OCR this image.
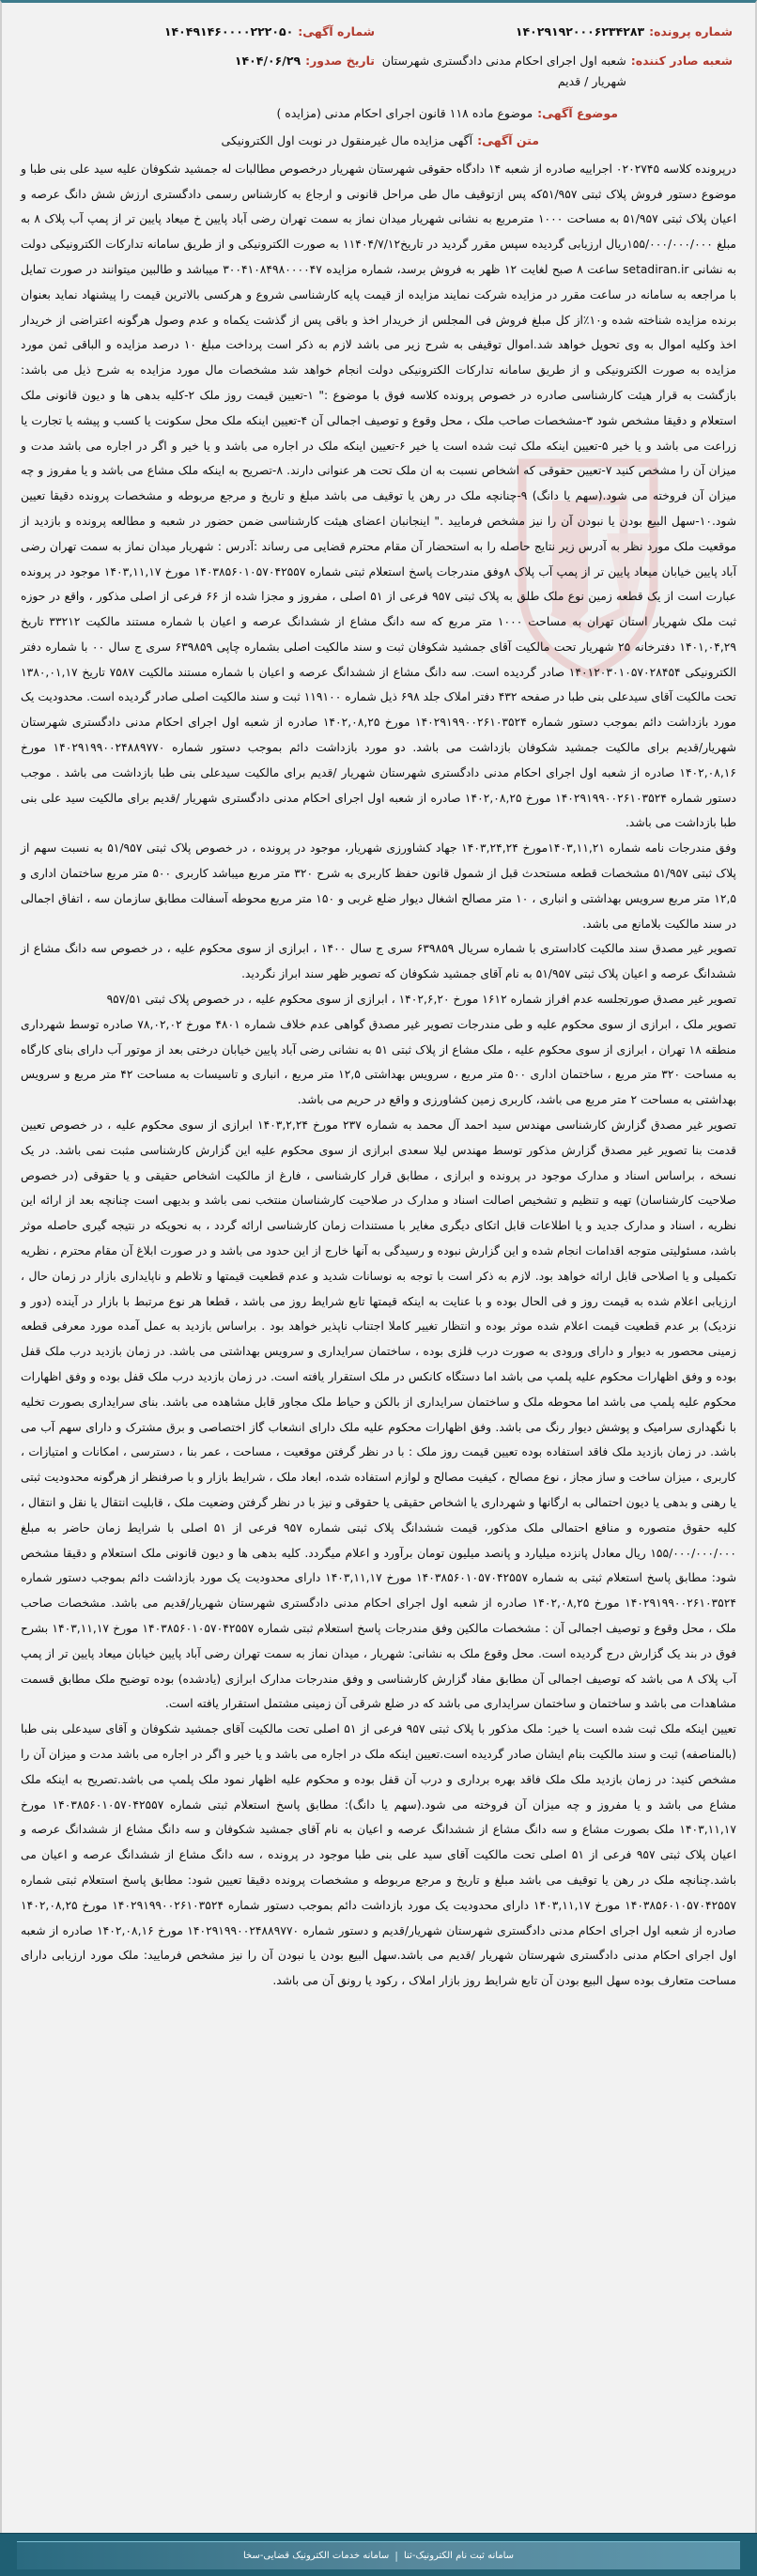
شماره پرونده:
۱۴۰۲۹۱۹۲۰۰۰۶۲۳۴۲۸۳
شماره آگهی:
۱۴۰۴۹۱۴۶۰۰۰۰۲۲۲۰۵۰
شعبه صادر کننده:
شعبه اول اجرای احکام مدنی دادگستری شهرستان شهریار / قدیم
تاریخ صدور:
۱۴۰۴/۰۶/۲۹
موضوع آگهی:
موضوع ماده ۱۱۸ قانون اجرای احکام مدنی (مزایده )
متن آگهی:
آگهی مزایده مال غیرمنقول در نوبت اول الکترونیکی

درپرونده کلاسه ۰۲۰۲۷۴۵ اجراییه صادره از شعبه ۱۴ دادگاه حقوقی شهرستان شهریار درخصوص مطالبات له جمشید شکوفان علیه سید علی بنی طبا و موضوع دستور فروش پلاک ثبتی ۵۱/۹۵۷که پس ازتوقیف مال طی مراحل قانونی و ارجاع به کارشناس رسمی دادگستری ارزش شش دانگ عرصه و اعیان پلاک ثبتی ۵۱/۹۵۷ به مساحت ۱۰۰۰ مترمربع به نشانی شهریار میدان نماز به سمت تهران رضی آباد پایین خ میعاد پایین تر از پمپ آب پلاک ۸ به مبلغ ۱۵۵/۰۰۰/۰۰۰/۰۰۰ریال ارزیابی گردیده سپس مقرر گردید در تاریخ۱۱۴۰۴/۷/۱۲ به صورت الکترونیکی و از طریق سامانه تدارکات الکترونیکی دولت به نشانی setadiran.ir ساعت ۸ صبح لغایت ۱۲ ظهر به فروش برسد، شماره مزایده ۳۰۰۴۱۰۸۴۹۸۰۰۰۰۴۷ میباشد و طالبین میتوانند در صورت تمایل با مراجعه به سامانه در ساعت مقرر در مزایده شرکت نمایند مزایده از قیمت پایه کارشناسی شروع و هرکسی بالاترین قیمت را پیشنهاد نماید بعنوان برنده مزایده شناخته شده و۱۰٪از کل مبلغ فروش فی المجلس از خریدار اخذ و باقی پس از گذشت یکماه و عدم وصول هرگونه اعتراضی از خریدار اخذ وکلیه اموال به وی تحویل خواهد شد.اموال توقیفی به شرح زیر می باشد لازم به ذکر است پرداخت مبلغ ۱۰ درصد مزایده و الباقی ثمن مورد مزایده به صورت الکترونیکی و از طریق سامانه تدارکات الکترونیکی دولت انجام خواهد شد مشخصات مال مورد مزایده به شرح ذیل می باشد: بازگشت به قرار هیئت کارشناسی صادره در خصوص پرونده کلاسه فوق با موضوع :" ۱-تعیین قیمت روز ملک ۲-کلیه بدهی ها و دیون قانونی ملک استعلام و دقیقا مشخص شود ۳-مشخصات صاحب ملک ، محل وقوع و توصیف اجمالی آن ۴-تعیین اینکه ملک محل سکونت یا کسب و پیشه یا تجارت یا زراعت می باشد و یا خیر ۵-تعیین اینکه ملک ثبت شده است یا خیر ۶-تعیین اینکه ملک در اجاره می باشد و یا خیر و اگر در اجاره می باشد مدت و میزان آن را مشخص کنید ۷-تعیین حقوقی که اشخاص نسبت به ان ملک تحت هر عنوانی دارند. ۸-تصریح به اینکه ملک مشاع می باشد و یا مفروز و چه میزان آن فروخته می شود.(سهم یا دانگ) ۹-چنانچه ملک در رهن یا توقیف می باشد مبلغ و تاریخ و مرجع مربوطه و مشخصات پرونده دقیقا تعیین شود.۱۰-سهل البیع بودن یا نبودن آن را نیز مشخص فرمایید ." اینجانبان اعضای هیئت کارشناسی ضمن حضور در شعبه و مطالعه پرونده و بازدید از موقعیت ملک مورد نظر به آدرس زیر نتایج حاصله را به استحضار آن مقام محترم قضایی می رساند :آدرس : شهریار میدان نماز به سمت تهران رضی آباد پایین خیابان میعاد پایین تر از پمپ آب پلاک ۸وفق مندرجات پاسخ استعلام ثبتی شماره ۱۴۰۳۸۵۶۰۱۰۵۷۰۴۲۵۵۷ مورخ ۱۴۰۳,۱۱,۱۷ موجود در پرونده عبارت است از یک قطعه زمین نوع ملک طلق به پلاک ثبتی ۹۵۷ فرعی از ۵۱ اصلی ، مفروز و مجزا شده از ۶۶ فرعی از اصلی مذکور ، واقع در حوزه ثبت ملک شهریار استان تهران به مساحت ۱۰۰۰ متر مربع که سه دانگ مشاع از ششدانگ عرصه و اعیان با شماره مستند مالکیت ۳۳۲۱۲ تاریخ ۱۴۰۱,۰۴,۲۹ دفترخانه ۲۵ شهریار تحت مالکیت آقای جمشید شکوفان ثبت و سند مالکیت اصلی بشماره چاپی ۶۳۹۸۵۹ سری ج سال ۰۰ با شماره دفتر الکترونیکی ۱۴۰۱۲۰۳۰۱۰۵۷۰۲۸۴۵۴ صادر گردیده است. سه دانگ مشاع از ششدانگ عرصه و اعیان با شماره مستند مالکیت ۷۵۸۷ تاریخ ۱۳۸۰,۰۱,۱۷ تحت مالکیت آقای سیدعلی بنی طبا در صفحه ۴۳۲ دفتر املاک جلد ۶۹۸ ذیل شماره ۱۱۹۱۰۰ ثبت و سند مالکیت اصلی صادر گردیده است. محدودیت یک مورد بازداشت دائم بموجب دستور شماره ۱۴۰۲۹۱۹۹۰۰۲۶۱۰۳۵۲۴ مورخ ۱۴۰۲,۰۸,۲۵ صادره از شعبه اول اجرای احکام مدنی دادگستری شهرستان شهریار/قدیم برای مالکیت جمشید شکوفان بازداشت می باشد. دو مورد بازداشت دائم بموجب دستور شماره ۱۴۰۲۹۱۹۹۰۰۲۴۸۸۹۷۷۰ مورخ ۱۴۰۲,۰۸,۱۶ صادره از شعبه اول اجرای احکام مدنی دادگستری شهرستان شهریار /قدیم برای مالکیت سیدعلی بنی طبا بازداشت می باشد . موجب دستور شماره ۱۴۰۲۹۱۹۹۰۰۲۶۱۰۳۵۲۴ مورخ ۱۴۰۲,۰۸,۲۵ صادره از شعبه اول اجرای احکام مدنی دادگستری شهریار /قدیم برای مالکیت سید علی بنی طبا بازداشت می باشد.

وفق مندرجات نامه شماره ۱۴۰۳,۱۱,۲۱مورخ ۱۴۰۳,۲۴,۲۴ جهاد کشاورزی شهریار، موجود در پرونده ، در خصوص پلاک ثبتی ۵۱/۹۵۷ به نسبت سهم از پلاک ثبتی ۵۱/۹۵۷ مشخصات قطعه مستحدث قبل از شمول قانون حفظ کاربری به شرح ۳۲۰ متر مربع میباشد کاربری ۵۰۰ متر مربع ساختمان اداری و ۱۲,۵ متر مربع سرویس بهداشتی و انباری ، ۱۰ متر مصالح اشغال دیوار ضلع غربی و ۱۵۰ متر مربع محوطه آسفالت مطابق سازمان سه ، اتفاق اجمالی در سند مالکیت بلامانع می باشد.

تصویر غیر مصدق سند مالکیت کاداستری با شماره سریال ۶۳۹۸۵۹ سری ج سال ۱۴۰۰ ، ابرازی از سوی محکوم علیه ، در خصوص سه دانگ مشاع از ششدانگ عرصه و اعیان پلاک ثبتی ۵۱/۹۵۷ به نام آقای جمشید شکوفان که تصویر ظهر سند ابراز نگردید.

تصویر غیر مصدق صورتجلسه عدم افراز شماره ۱۶۱۲ مورخ ۱۴۰۲,۶,۲۰ ، ابرازی از سوی محکوم علیه ، در خصوص پلاک ثبتی ۹۵۷/۵۱

تصویر ملک ، ابرازی از سوی محکوم علیه و طی مندرجات تصویر غیر مصدق گواهی عدم خلاف شماره ۴۸۰۱ مورخ ۷۸,۰۲,۰۲ صادره توسط شهرداری منطقه ۱۸ تهران ، ابرازی از سوی محکوم علیه ، ملک مشاع از پلاک ثبتی ۵۱ به نشانی رضی آباد پایین خیابان درختی بعد از موتور آب دارای بنای کارگاه به مساحت ۳۲۰ متر مربع ، ساختمان اداری ۵۰۰ متر مربع ، سرویس بهداشتی ۱۲,۵ متر مربع ، انباری و تاسیسات به مساحت ۴۲ متر مربع و سرویس بهداشتی به مساحت ۲ متر مربع می باشد، کاربری زمین کشاورزی و واقع در حریم می باشد.

تصویر غیر مصدق گزارش کارشناسی مهندس سید احمد آل محمد به شماره ۲۳۷ مورخ ۱۴۰۳,۲,۲۴ ابرازی از سوی محکوم علیه ، در خصوص تعیین قدمت بنا تصویر غیر مصدق گزارش مذکور توسط مهندس لیلا سعدی ابرازی از سوی محکوم علیه این گزارش کارشناسی مثبت نمی باشد. در یک نسخه ، براساس اسناد و مدارک موجود در پرونده و ابرازی ، مطابق قرار کارشناسی ، فارغ از مالکیت اشخاص حقیقی و یا حقوقی (در خصوص صلاحیت کارشناسان) تهیه و تنظیم و تشخیص اصالت اسناد و مدارک در صلاحیت کارشناسان منتخب نمی باشد و بدیهی است چنانچه بعد از ارائه این نظریه ، اسناد و مدارک جدید و یا اطلاعات قابل اتکای دیگری مغایر با مستندات زمان کارشناسی ارائه گردد ، به نحویکه در نتیجه گیری حاصله موثر باشد، مسئولیتی متوجه اقدامات انجام شده و این گزارش نبوده و رسیدگی به آنها خارج از این حدود می باشد و در صورت ابلاغ آن مقام محترم ، نظریه تکمیلی و یا اصلاحی قابل ارائه خواهد بود. لازم به ذکر است با توجه به نوسانات شدید و عدم قطعیت قیمتها و تلاطم و ناپایداری بازار در زمان حال ، ارزیابی اعلام شده به قیمت روز و فی الحال بوده و با عنایت به اینکه قیمتها تابع شرایط روز می باشد ، قطعا هر نوع مرتبط با بازار در آینده (دور و نزدیک) بر عدم قطعیت قیمت اعلام شده موثر بوده و انتظار تغییر کاملا اجتناب ناپذیر خواهد بود . براساس بازدید به عمل آمده مورد معرفی قطعه زمینی محصور به دیوار و دارای ورودی به صورت درب فلزی بوده ، ساختمان سرایداری و سرویس بهداشتی می باشد. در زمان بازدید درب ملک قفل بوده و وفق اظهارات محکوم علیه پلمپ می باشد اما دستگاه کانکس در ملک استقرار یافته است. در زمان بازدید درب ملک قفل بوده و وفق اظهارات محکوم علیه پلمپ می باشد اما محوطه ملک و ساختمان سرایداری از بالکن و حیاط ملک مجاور قابل مشاهده می باشد. بنای سرایداری بصورت تخلیه با نگهداری سرامیک و پوشش دیوار رنگ می باشد. وفق اظهارات محکوم علیه ملک دارای انشعاب گاز اختصاصی و برق مشترک و دارای سهم آب می باشد. در زمان بازدید ملک فاقد استفاده بوده تعیین قیمت روز ملک : با در نظر گرفتن موقعیت ، مساحت ، عمر بنا ، دسترسی ، امکانات و امتیازات ، کاربری ، میزان ساخت و ساز مجاز ، نوع مصالح ، کیفیت مصالح و لوازم استفاده شده، ابعاد ملک ، شرایط بازار و با صرفنظر از هرگونه محدودیت ثبتی یا رهنی و بدهی یا دیون احتمالی به ارگانها و شهرداری یا اشخاص حقیقی یا حقوقی و نیز با در نظر گرفتن وضعیت ملک ، قابلیت انتقال یا نقل و انتقال ، کلیه حقوق متصوره و منافع احتمالی ملک مذکور، قیمت ششدانگ پلاک ثبتی شماره ۹۵۷ فرعی از ۵۱ اصلی با شرایط زمان حاضر به مبلغ ۱۵۵/۰۰۰/۰۰۰/۰۰۰ ریال معادل پانزده میلیارد و پانصد میلیون تومان برآورد و اعلام میگردد. کلیه بدهی ها و دیون قانونی ملک استعلام و دقیقا مشخص شود: مطابق پاسخ استعلام ثبتی به شماره ۱۴۰۳۸۵۶۰۱۰۵۷۰۴۲۵۵۷ مورخ ۱۴۰۳,۱۱,۱۷ دارای محدودیت یک مورد بازداشت دائم بموجب دستور شماره ۱۴۰۲۹۱۹۹۰۰۲۶۱۰۳۵۲۴ مورخ ۱۴۰۲,۰۸,۲۵ صادره از شعبه اول اجرای احکام مدنی دادگستری شهرستان شهریار/قدیم می باشد. مشخصات صاحب ملک ، محل وقوع و توصیف اجمالی آن : مشخصات مالکین وفق مندرجات پاسخ استعلام ثبتی شماره ۱۴۰۳۸۵۶۰۱۰۵۷۰۴۲۵۵۷ مورخ ۱۴۰۳,۱۱,۱۷ بشرح فوق در بند یک گزارش درج گردیده است. محل وقوع ملک به نشانی: شهریار ، میدان نماز به سمت تهران رضی آباد پایین خیابان میعاد پایین تر از پمپ آب پلاک ۸ می باشد که توصیف اجمالی آن مطابق مفاد گزارش کارشناسی و وفق مندرجات مدارک ابرازی (یادشده) بوده توضیح ملک مطابق قسمت مشاهدات می باشد و ساختمان و ساختمان سرایداری می باشد که در ضلع شرقی آن زمینی مشتمل استقرار یافته است.

تعیین اینکه ملک ثبت شده است یا خیر: ملک مذکور با پلاک ثبتی ۹۵۷ فرعی از ۵۱ اصلی تحت مالکیت آقای جمشید شکوفان و آقای سیدعلی بنی طبا (بالمناصفه) ثبت و سند مالکیت بنام ایشان صادر گردیده است.تعیین اینکه ملک در اجاره می باشد و یا خیر و اگر در اجاره می باشد مدت و میزان آن را مشخص کنید: در زمان بازدید ملک ملک فاقد بهره برداری و درب آن قفل بوده و محکوم علیه اظهار نمود ملک پلمپ می باشد.تصریح به اینکه ملک مشاع می باشد و یا مفروز و چه میزان آن فروخته می شود.(سهم یا دانگ): مطابق پاسخ استعلام ثبتی شماره ۱۴۰۳۸۵۶۰۱۰۵۷۰۴۲۵۵۷ مورخ ۱۴۰۳,۱۱,۱۷ ملک بصورت مشاع و سه دانگ مشاع از ششدانگ عرصه و اعیان به نام آقای جمشید شکوفان و سه دانگ مشاع از ششدانگ عرصه و اعیان پلاک ثبتی ۹۵۷ فرعی از ۵۱ اصلی تحت مالکیت آقای سید علی بنی طبا موجود در پرونده ، سه دانگ مشاع از ششدانگ عرصه و اعیان می باشد.چنانچه ملک در رهن یا توقیف می باشد مبلغ و تاریخ و مرجع مربوطه و مشخصات پرونده دقیقا تعیین شود: مطابق پاسخ استعلام ثبتی شماره ۱۴۰۳۸۵۶۰۱۰۵۷۰۴۲۵۵۷ مورخ ۱۴۰۳,۱۱,۱۷ دارای محدودیت یک مورد بازداشت دائم بموجب دستور شماره ۱۴۰۲۹۱۹۹۰۰۲۶۱۰۳۵۲۴ مورخ ۱۴۰۲,۰۸,۲۵ صادره از شعبه اول اجرای احکام مدنی دادگستری شهرستان شهریار/قدیم و دستور شماره ۱۴۰۲۹۱۹۹۰۰۲۴۸۸۹۷۷۰ مورخ ۱۴۰۲,۰۸,۱۶ صادره از شعبه اول اجرای احکام مدنی دادگستری شهرستان شهریار /قدیم می باشد.سهل البیع بودن یا نبودن آن را نیز مشخص فرمایید: ملک مورد ارزیابی دارای مساحت متعارف بوده سهل البیع بودن آن تابع شرایط روز بازار املاک ، رکود یا رونق آن می باشد.

سامانه ثبت نام الکترونیک-ثنا
|
سامانه خدمات الکترونیک قضایی-سخا
